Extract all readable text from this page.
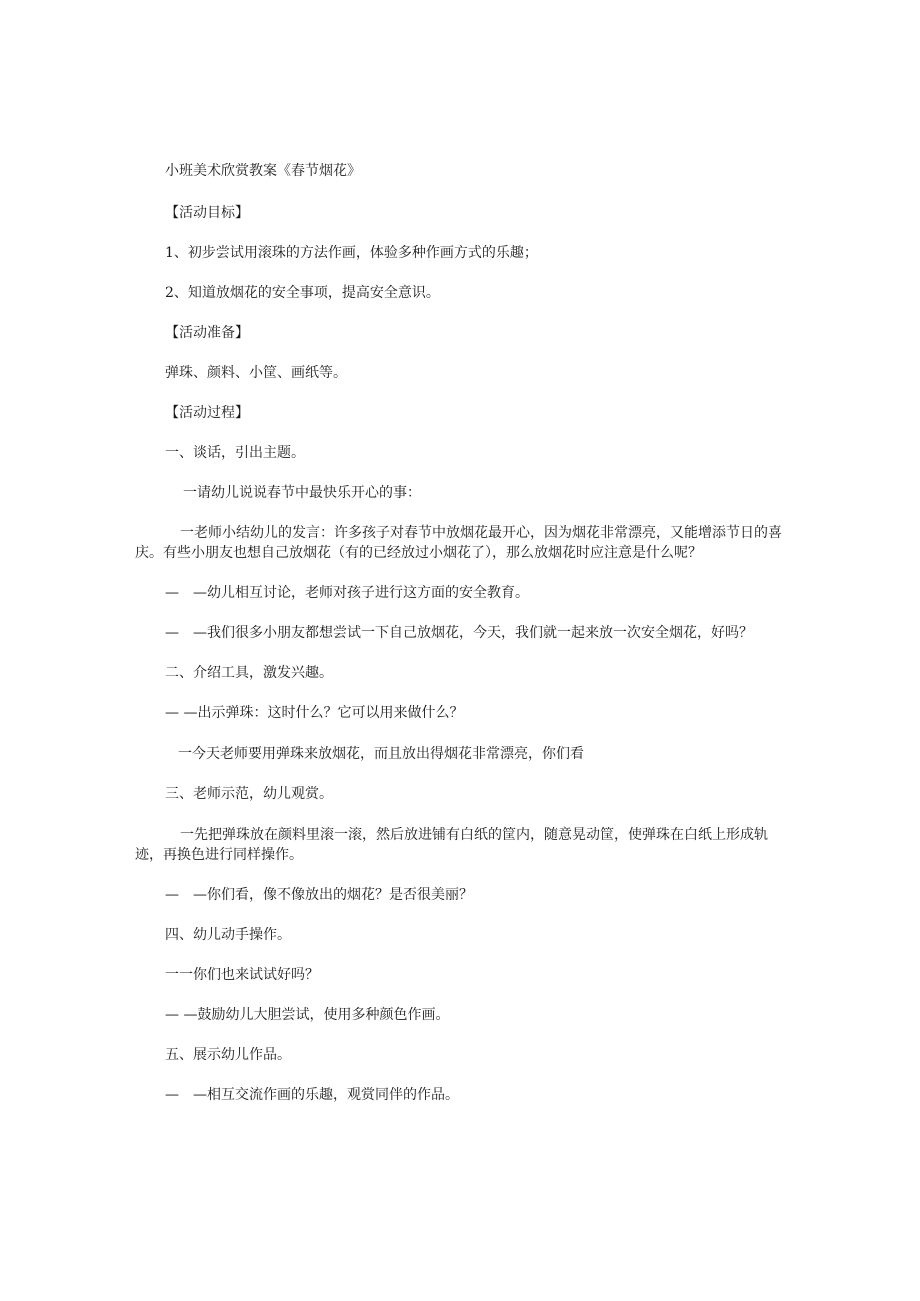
小班美术欣赏教案《春节烟花》
【活动目标】
1、初步尝试用滚珠的方法作画，体验多种作画方式的乐趣；
2、知道放烟花的安全事项，提高安全意识。
【活动准备】
弹珠、颜料、小筐、画纸等。
【活动过程】
一、谈话，引出主题。
一请幼儿说说春节中最快乐开心的事：
一老师小结幼儿的发言：许多孩子对春节中放烟花最开心，因为烟花非常漂亮，又能增添节日的喜庆。有些小朋友也想自己放烟花（有的已经放过小烟花了），那么放烟花时应注意是什么呢？
—　—幼儿相互讨论，老师对孩子进行这方面的安全教育。
—　—我们很多小朋友都想尝试一下自己放烟花，今天，我们就一起来放一次安全烟花，好吗？
二、介绍工具，激发兴趣。
— —出示弹珠：这时什么？它可以用来做什么？
一今天老师要用弹珠来放烟花，而且放出得烟花非常漂亮，你们看
三、老师示范，幼儿观赏。
一先把弹珠放在颜料里滚一滚，然后放进铺有白纸的筐内，随意晃动筐，使弹珠在白纸上形成轨迹，再换色进行同样操作。
—　—你们看，像不像放出的烟花？是否很美丽？
四、幼儿动手操作。
一一你们也来试试好吗？
— —鼓励幼儿大胆尝试，使用多种颜色作画。
五、展示幼儿作品。
—　—相互交流作画的乐趣，观赏同伴的作品。
